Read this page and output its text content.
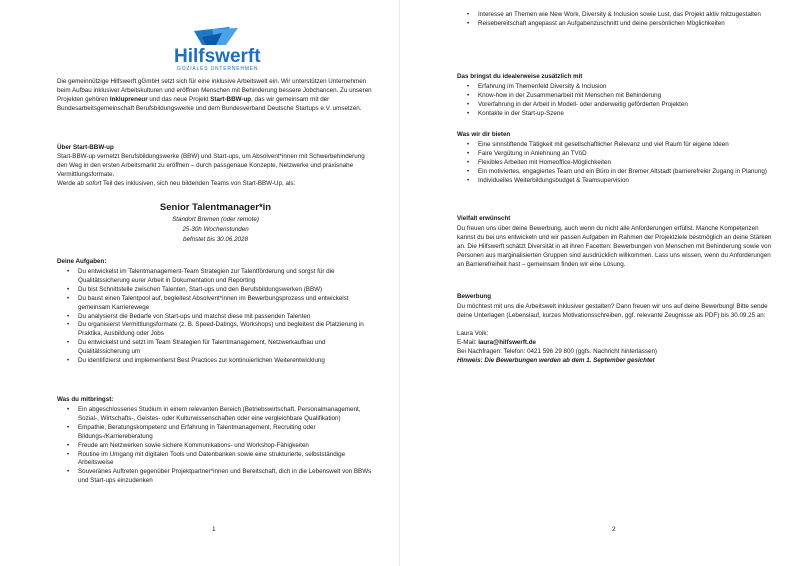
Hilfswerft
GOZIALES UNTERNEHMEN

Die gemeinnützige Hilfswerft gGmbH setzt sich für eine inklusive Arbeitswelt ein. Wir unterstützen Unternehmen beim Aufbau inklusiver Arbeitskulturen und eröffnen Menschen mit Behinderung bessere Jobchancen. Zu unseren Projekten gehören Inklupreneur und das neue Projekt Start-BBW-up, das wir gemeinsam mit der Bundesarbeitsgemeinschaft Berufsbildungswerke und dem Bundesverband Deutsche Startups e.V. umsetzen.

Über Start-BBW-up

Start-BBW-up vernetzt Berufsbildungswerke (BBW) und Start-ups, um Absolvent*innen mit Schwerbehinderung den Weg in den ersten Arbeitsmarkt zu eröffnen – durch passgenaue Konzepte, Netzwerke und praxisnahe Vermittlungsformate.

Werde ab sofort Teil des inklusiven, sich neu bildenden Teams von Start-BBW-Up, als:

Senior Talentmanager*in

Standort Bremen (oder remote)

25-30h Wochenstunden

befristet bis 30.06.2028

Deine Aufgaben:

• Du entwickelst im Talentmanagement-Team Strategien zur Talentförderung und sorgst für die Qualitätssicherung eurer Arbeit in Dokumentation und Reporting
• Du bist Schnittstelle zwischen Talenten, Start-ups und den Berufsbildungswerken (BBW)
• Du baust einen Talentpool auf, begleitest Absolvent*innen im Bewerbungsprozess und entwickelst gemeinsam Karrierewege
• Du analysierst die Bedarfe von Start-ups und matchst diese mit passenden Talenten
• Du organisierst Vermittlungsformate (z. B. Speed-Datings, Workshops) und begleitest die Platzierung in Praktika, Ausbildung oder Jobs
• Du entwickelst und setzt im Team Strategien für Talentmanagement, Netzwerkaufbau und Qualitätssicherung um
• Du identifizierst und implementierst Best Practices zur kontinuierlichen Weiterentwicklung

Was du mitbringst:

• Ein abgeschlossenes Studium in einem relevanten Bereich (Betriebswirtschaft, Personalmanagement, Sozial-, Wirtschafts-, Geistes- oder Kulturwissenschaften oder eine vergleichbare Qualifikation)
• Empathie, Beratungskompetenz und Erfahrung in Talentmanagement, Recruiting oder Bildungs-/Karriereberatung
• Freude am Netzwerken sowie sichere Kommunikations- und Workshop-Fähigkeiten
• Routine im Umgang mit digitalen Tools und Datenbanken sowie eine strukturierte, selbstständige Arbeitsweise
• Souveränes Auftreten gegenüber Projektpartner*innen und Bereitschaft, dich in die Lebenswelt von BBWs und Start-ups einzudenken

1

• Interesse an Themen wie New Work, Diversity & Inclusion sowie Lust, das Projekt aktiv mitzugestalten
• Reisebereitschaft angepasst an Aufgabenzuschnitt und deine persönlichen Möglichkeiten

Das bringst du idealerweise zusätzlich mit

• Erfahrung im Themenfeld Diversity & Inclusion
• Know-how in der Zusammenarbeit mit Menschen mit Behinderung
• Vorerfahrung in der Arbeit in Modell- oder anderweitig geförderten Projekten
• Kontakte in der Start-up-Szene

Was wir dir bieten

• Eine sinnstiftende Tätigkeit mit gesellschaftlicher Relevanz und viel Raum für eigene Ideen
• Faire Vergütung in Anlehnung an TVöD
• Flexibles Arbeiten mit Homeoffice-Möglichkeiten
• Ein motiviertes, engagiertes Team und ein Büro in der Bremer Altstadt (barrierefreier Zugang in Planung)
• Individuelles Weiterbildungsbudget & Teamsupervision

Vielfalt erwünscht

Du freuen uns über deine Bewerbung, auch wenn du nicht alle Anforderungen erfüllst. Manche Kompetenzen kannst du bei uns entwickeln und wir passen Aufgaben im Rahmen der Projektziele bestmöglich an deine Stärken an. Die Hilfswerft schätzt Diversität in all ihren Facetten: Bewerbungen von Menschen mit Behinderung sowie von Personen aus marginalisierten Gruppen sind ausdrücklich willkommen. Lass uns wissen, wenn du Anforderungen an Barrierefreiheit hast – gemeinsam finden wir eine Lösung.

Bewerbung

Du möchtest mit uns die Arbeitswelt inklusiver gestalten? Dann freuen wir uns auf deine Bewerbung! Bitte sende deine Unterlagen (Lebenslauf, kurzes Motivationsschreiben, ggf. relevante Zeugnisse als PDF) bis 30.09.25 an:

Laura Voik:

E-Mail: laura@hilfswerft.de

Bei Nachfragen: Telefon: 0421 596 29 800 (ggfs. Nachricht hinterlassen)

Hinweis: Die Bewerbungen werden ab dem 1. September gesichtet

2
